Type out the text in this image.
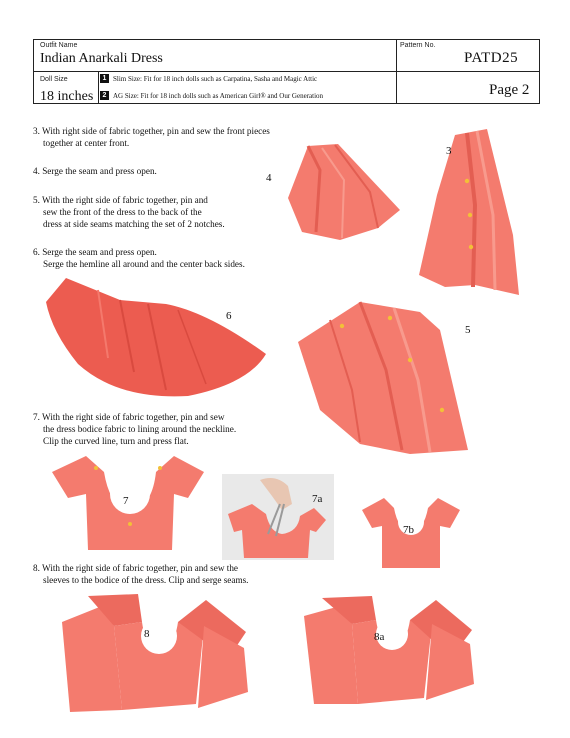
Outfit Name
Indian Anarkali Dress
Pattern No.
PATD25
Doll Size
18 inches
1 Slim Size: Fit for 18 inch dolls such as Carpatina, Sasha and Magic Attic
2 AG Size: Fit for 18 inch dolls such as American Girl® and Our Generation	Page 2
3. With right side of fabric together, pin and sew the front pieces
together at center front.
4. Serge the seam and press open.
5. With the right side of fabric together, pin and
sew the front of the dress to the back of the
dress at side seams matching the set of 2 notches.
6. Serge the seam and press open.
Serge the hemline all around and the center back sides.
7. With the right side of fabric together, pin and sew
the dress bodice fabric to lining around the neckline.
Clip the curved line, turn and press flat.
8. With the right side of fabric together, pin and sew the
sleeves to the bodice of the dress. Clip and serge seams.
4
3
6
5
7	7a
7b
8	8a
